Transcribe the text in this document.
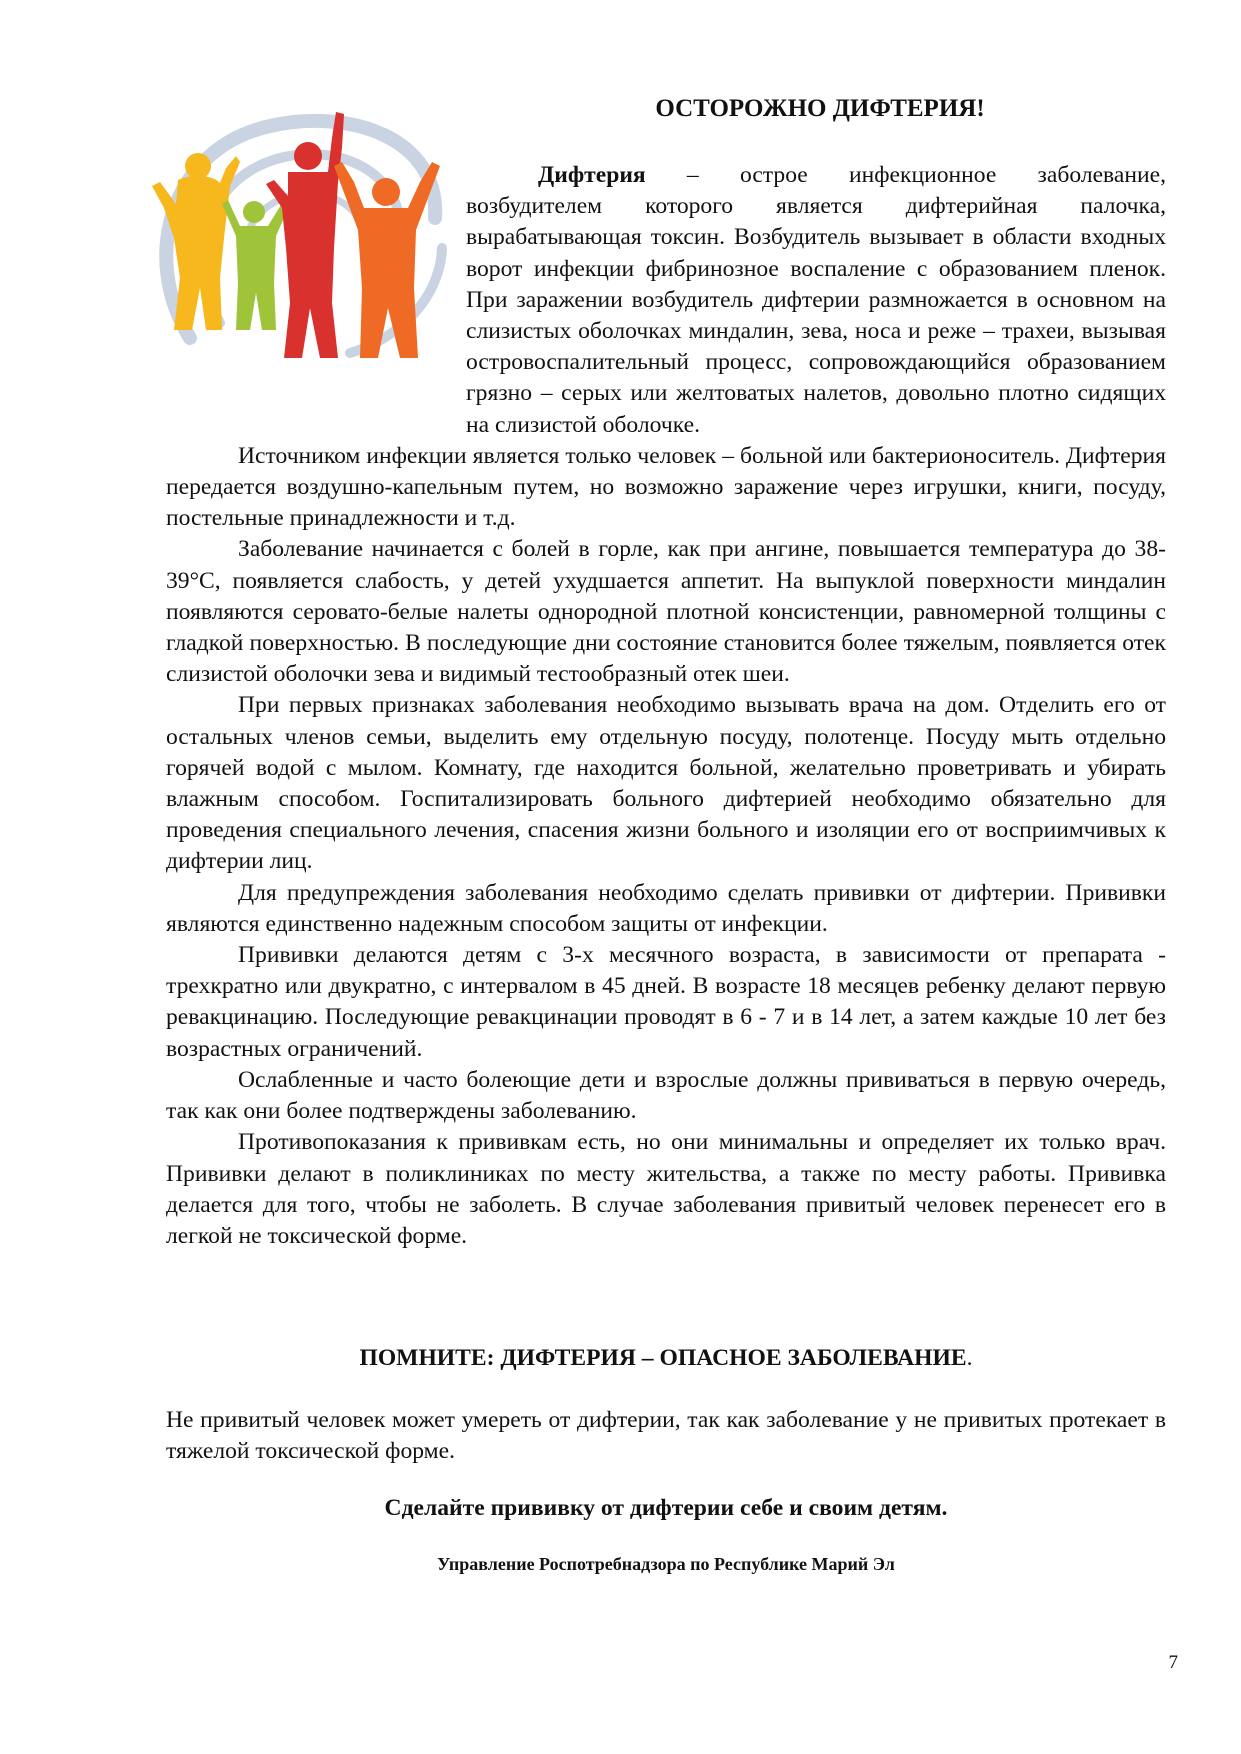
ОСТОРОЖНО ДИФТЕРИЯ!

Дифтерия – острое инфекционное заболевание, возбудителем которого является дифтерийная палочка, вырабатывающая токсин. Возбудитель вызывает в области входных ворот инфекции фибринозное воспаление с образованием пленок. При заражении возбудитель дифтерии размножается в основном на слизистых оболочках миндалин, зева, носа и реже – трахеи, вызывая островоспалительный процесс, сопровождающийся образованием грязно – серых или желтоватых налетов, довольно плотно сидящих на слизистой оболочке.

Источником инфекции является только человек – больной или бактерионоситель. Дифтерия передается воздушно-капельным путем, но возможно заражение через игрушки, книги, посуду, постельные принадлежности и т.д.

Заболевание начинается с болей в горле, как при ангине, повышается температура до 38-39°С, появляется слабость, у детей ухудшается аппетит. На выпуклой поверхности миндалин появляются серовато-белые налеты однородной плотной консистенции, равномерной толщины с гладкой поверхностью. В последующие дни состояние становится более тяжелым, появляется отек слизистой оболочки зева и видимый тестообразный отек шеи.

При первых признаках заболевания необходимо вызывать врача на дом. Отделить его от остальных членов семьи, выделить ему отдельную посуду, полотенце. Посуду мыть отдельно горячей водой с мылом. Комнату, где находится больной, желательно проветривать и убирать влажным способом. Госпитализировать больного дифтерией необходимо обязательно для проведения специального лечения, спасения жизни больного и изоляции его от восприимчивых к дифтерии лиц.

Для предупреждения заболевания необходимо сделать прививки от дифтерии. Прививки являются единственно надежным способом защиты от инфекции.

Прививки делаются детям с 3-х месячного возраста, в зависимости от препарата - трехкратно или двукратно, с интервалом в 45 дней. В возрасте 18 месяцев ребенку делают первую ревакцинацию. Последующие ревакцинации проводят в 6 - 7 и в 14 лет, а затем каждые 10 лет без возрастных ограничений.

Ослабленные и часто болеющие дети и взрослые должны прививаться в первую очередь, так как они более подтверждены заболеванию.

Противопоказания к прививкам есть, но они минимальны и определяет их только врач. Прививки делают в поликлиниках по месту жительства, а также по месту работы. Прививка делается для того, чтобы не заболеть. В случае заболевания привитый человек перенесет его в легкой не токсической форме.

ПОМНИТЕ: ДИФТЕРИЯ – ОПАСНОЕ ЗАБОЛЕВАНИЕ.

Не привитый человек может умереть от дифтерии, так как заболевание у не привитых протекает в тяжелой токсической форме.

Сделайте прививку от дифтерии себе и своим детям.
Управление Роспотребнадзора по Республике Марий Эл
7
